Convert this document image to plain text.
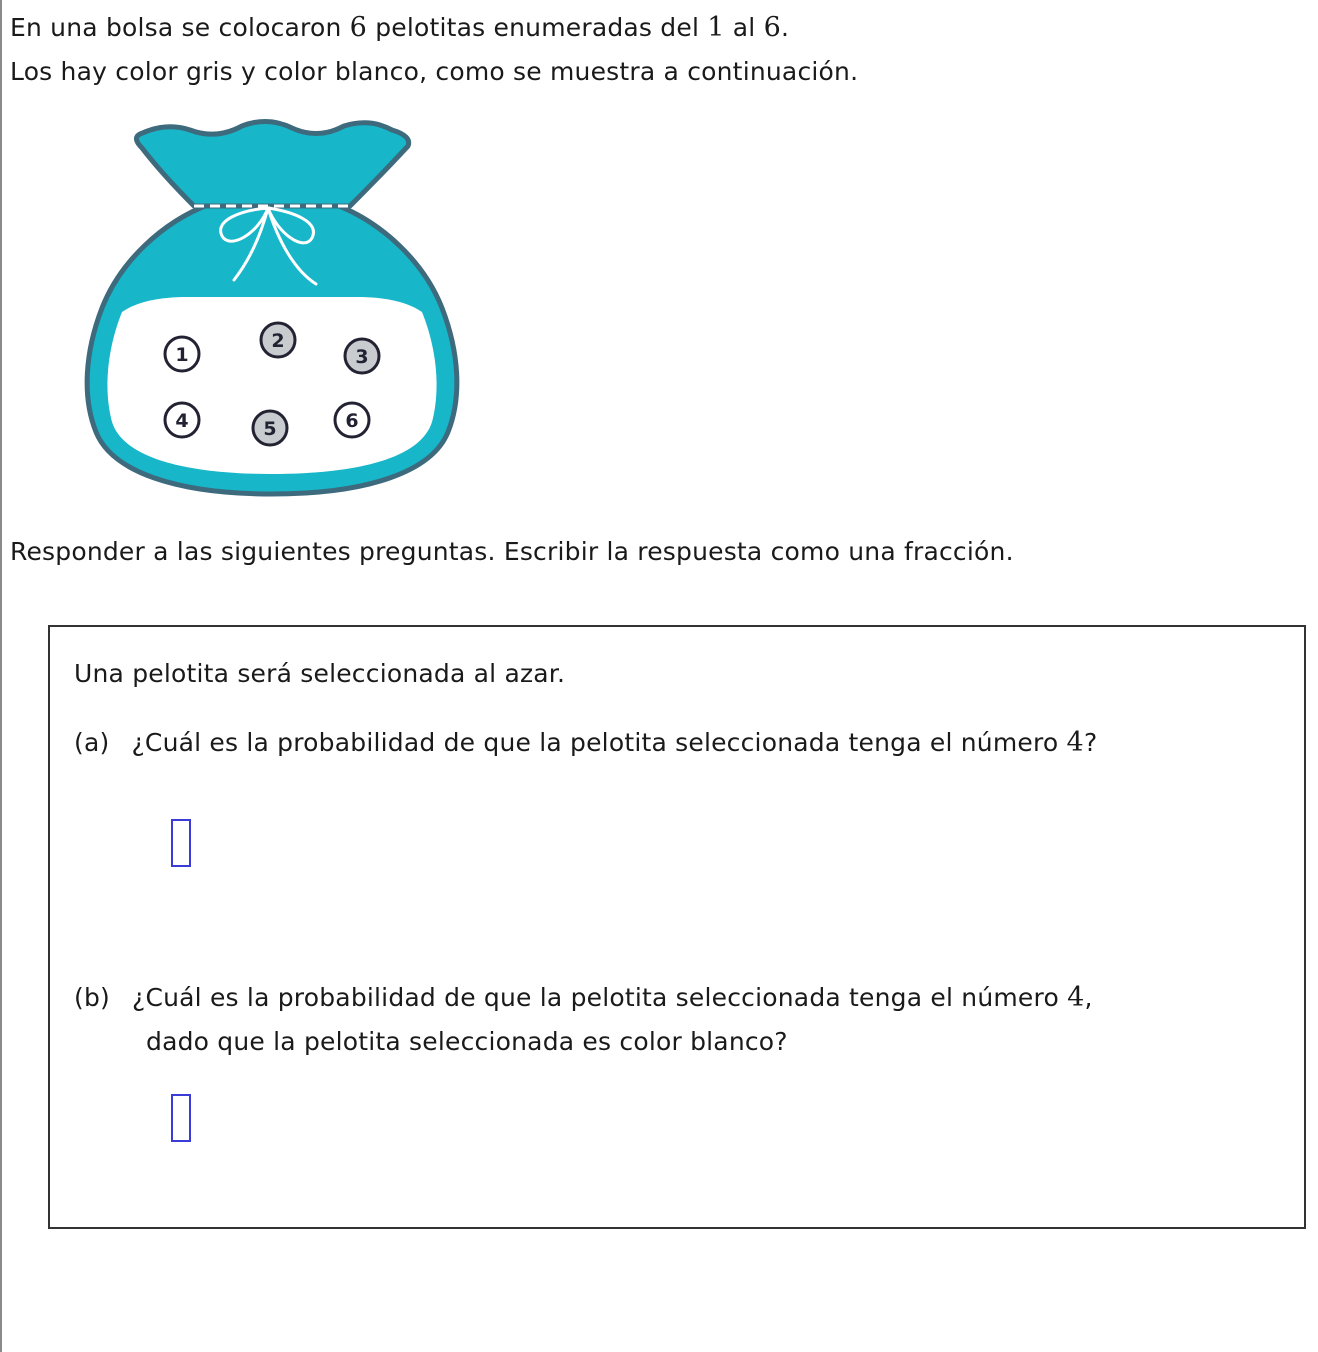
En una bolsa se colocaron 6 pelotitas enumeradas del 1 al 6.
Los hay color gris y color blanco, como se muestra a continuación.
1
2
3
4	5	6
Responder a las siguientes preguntas. Escribir la respuesta como una fracción.
Una pelotita será seleccionada al azar.
(a) ¿Cuál es la probabilidad de que la pelotita seleccionada tenga el número 4?
(b) ¿Cuál es la probabilidad de que la pelotita seleccionada tenga el número 4,
dado que la pelotita seleccionada es color blanco?
